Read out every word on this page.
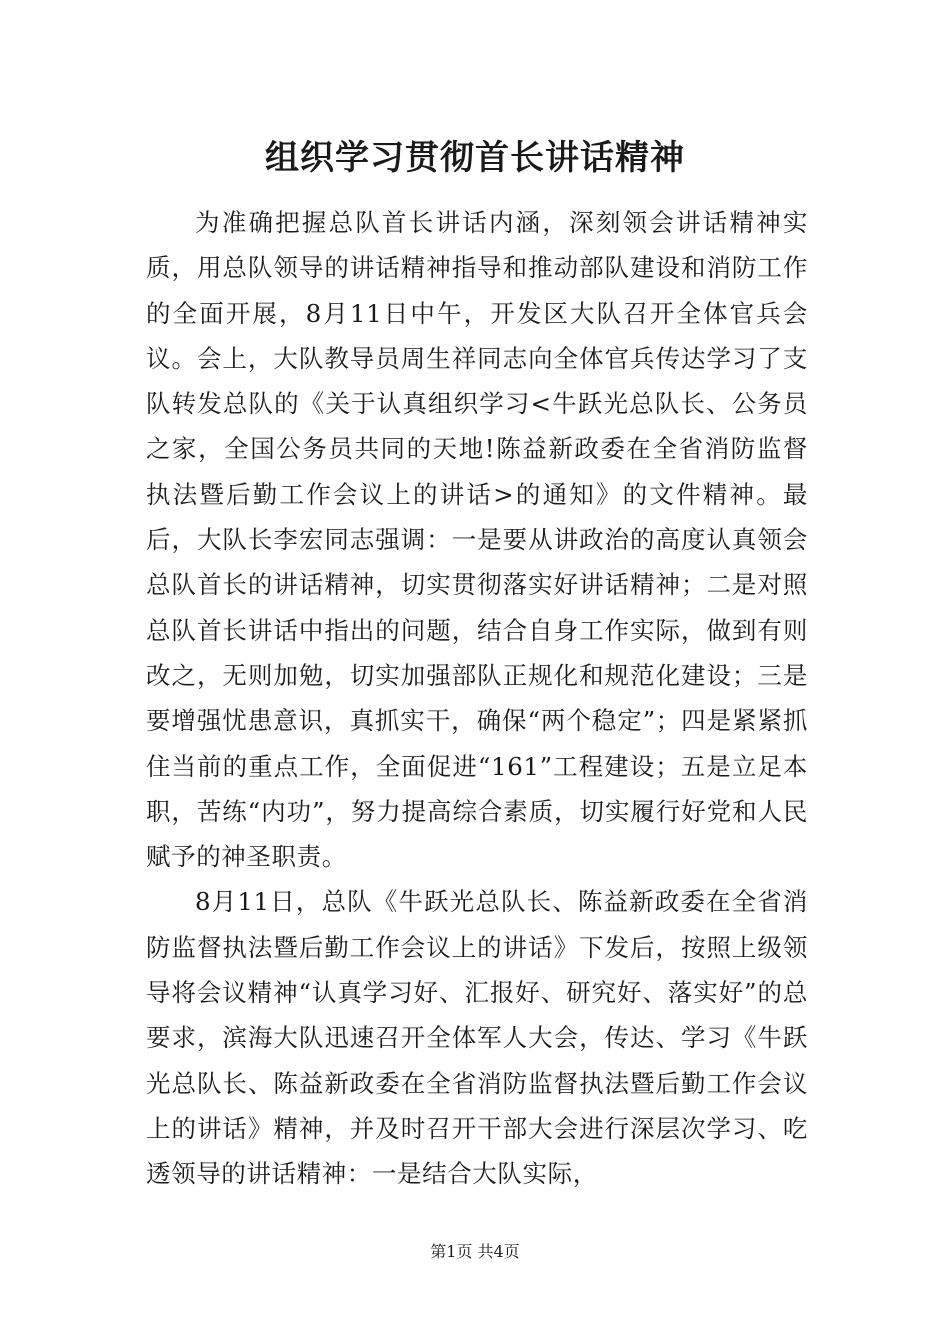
组织学习贯彻首长讲话精神

为准确把握总队首长讲话内涵，深刻领会讲话精神实质，用总队领导的讲话精神指导和推动部队建设和消防工作的全面开展，8月11日中午，开发区大队召开全体官兵会议。会上，大队教导员周生祥同志向全体官兵传达学习了支队转发总队的《关于认真组织学习<牛跃光总队长、公务员之家，全国公务员共同的天地!陈益新政委在全省消防监督执法暨后勤工作会议上的讲话>的通知》的文件精神。最后，大队长李宏同志强调：一是要从讲政治的高度认真领会总队首长的讲话精神，切实贯彻落实好讲话精神；二是对照总队首长讲话中指出的问题，结合自身工作实际，做到有则改之，无则加勉，切实加强部队正规化和规范化建设；三是要增强忧患意识，真抓实干，确保“两个稳定”；四是紧紧抓住当前的重点工作，全面促进“161”工程建设；五是立足本职，苦练“内功”，努力提高综合素质，切实履行好党和人民赋予的神圣职责。

8月11日，总队《牛跃光总队长、陈益新政委在全省消防监督执法暨后勤工作会议上的讲话》下发后，按照上级领导将会议精神“认真学习好、汇报好、研究好、落实好”的总要求，滨海大队迅速召开全体军人大会，传达、学习《牛跃光总队长、陈益新政委在全省消防监督执法暨后勤工作会议上的讲话》精神，并及时召开干部大会进行深层次学习、吃透领导的讲话精神：一是结合大队实际，

第1页 共4页
